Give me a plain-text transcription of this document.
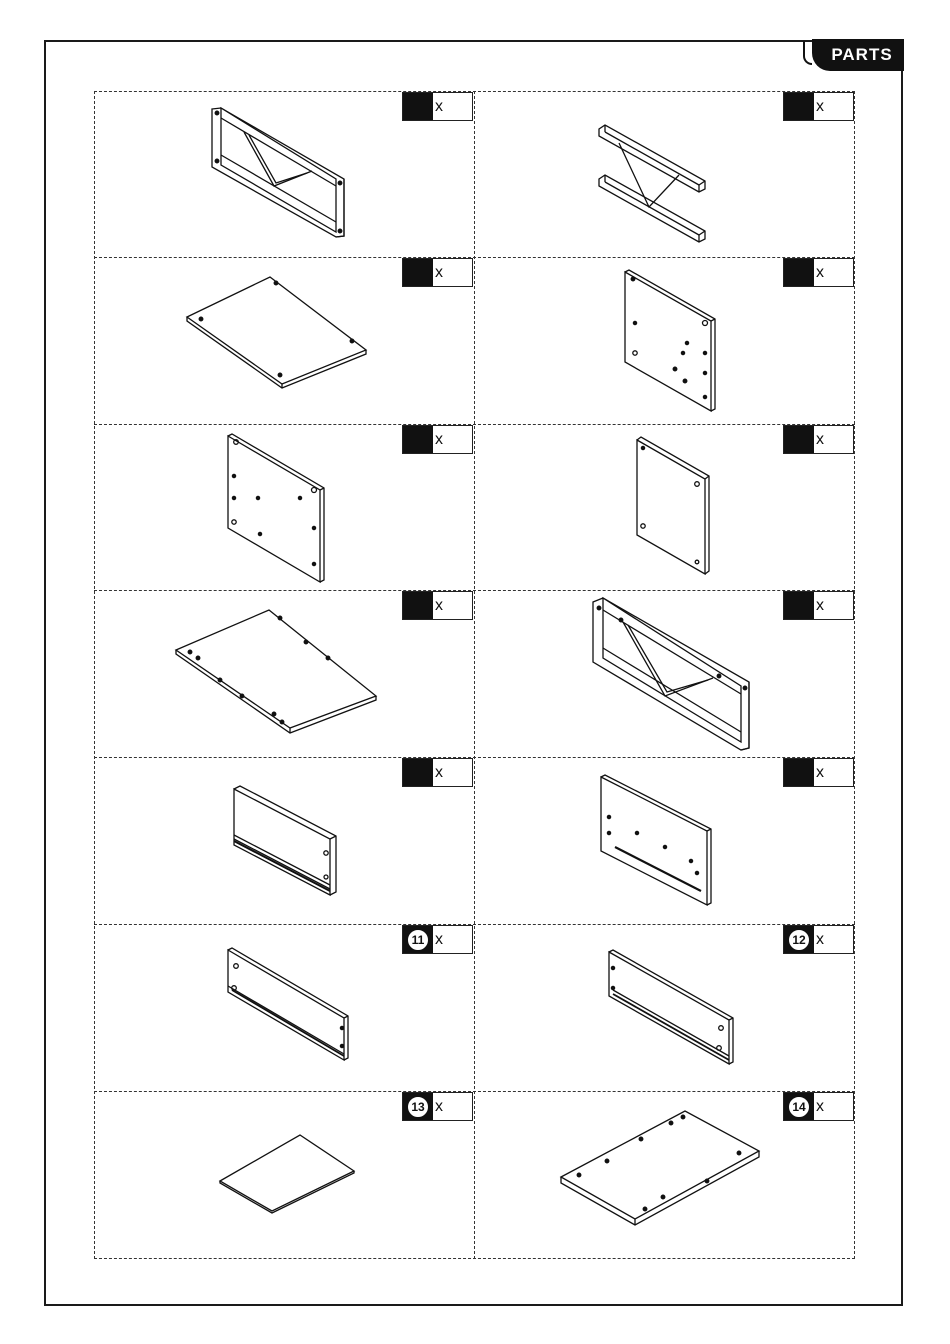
PARTS
x	x
x	x
x	x
x	x
x	x
11 x	12 x
13 x	14 x
